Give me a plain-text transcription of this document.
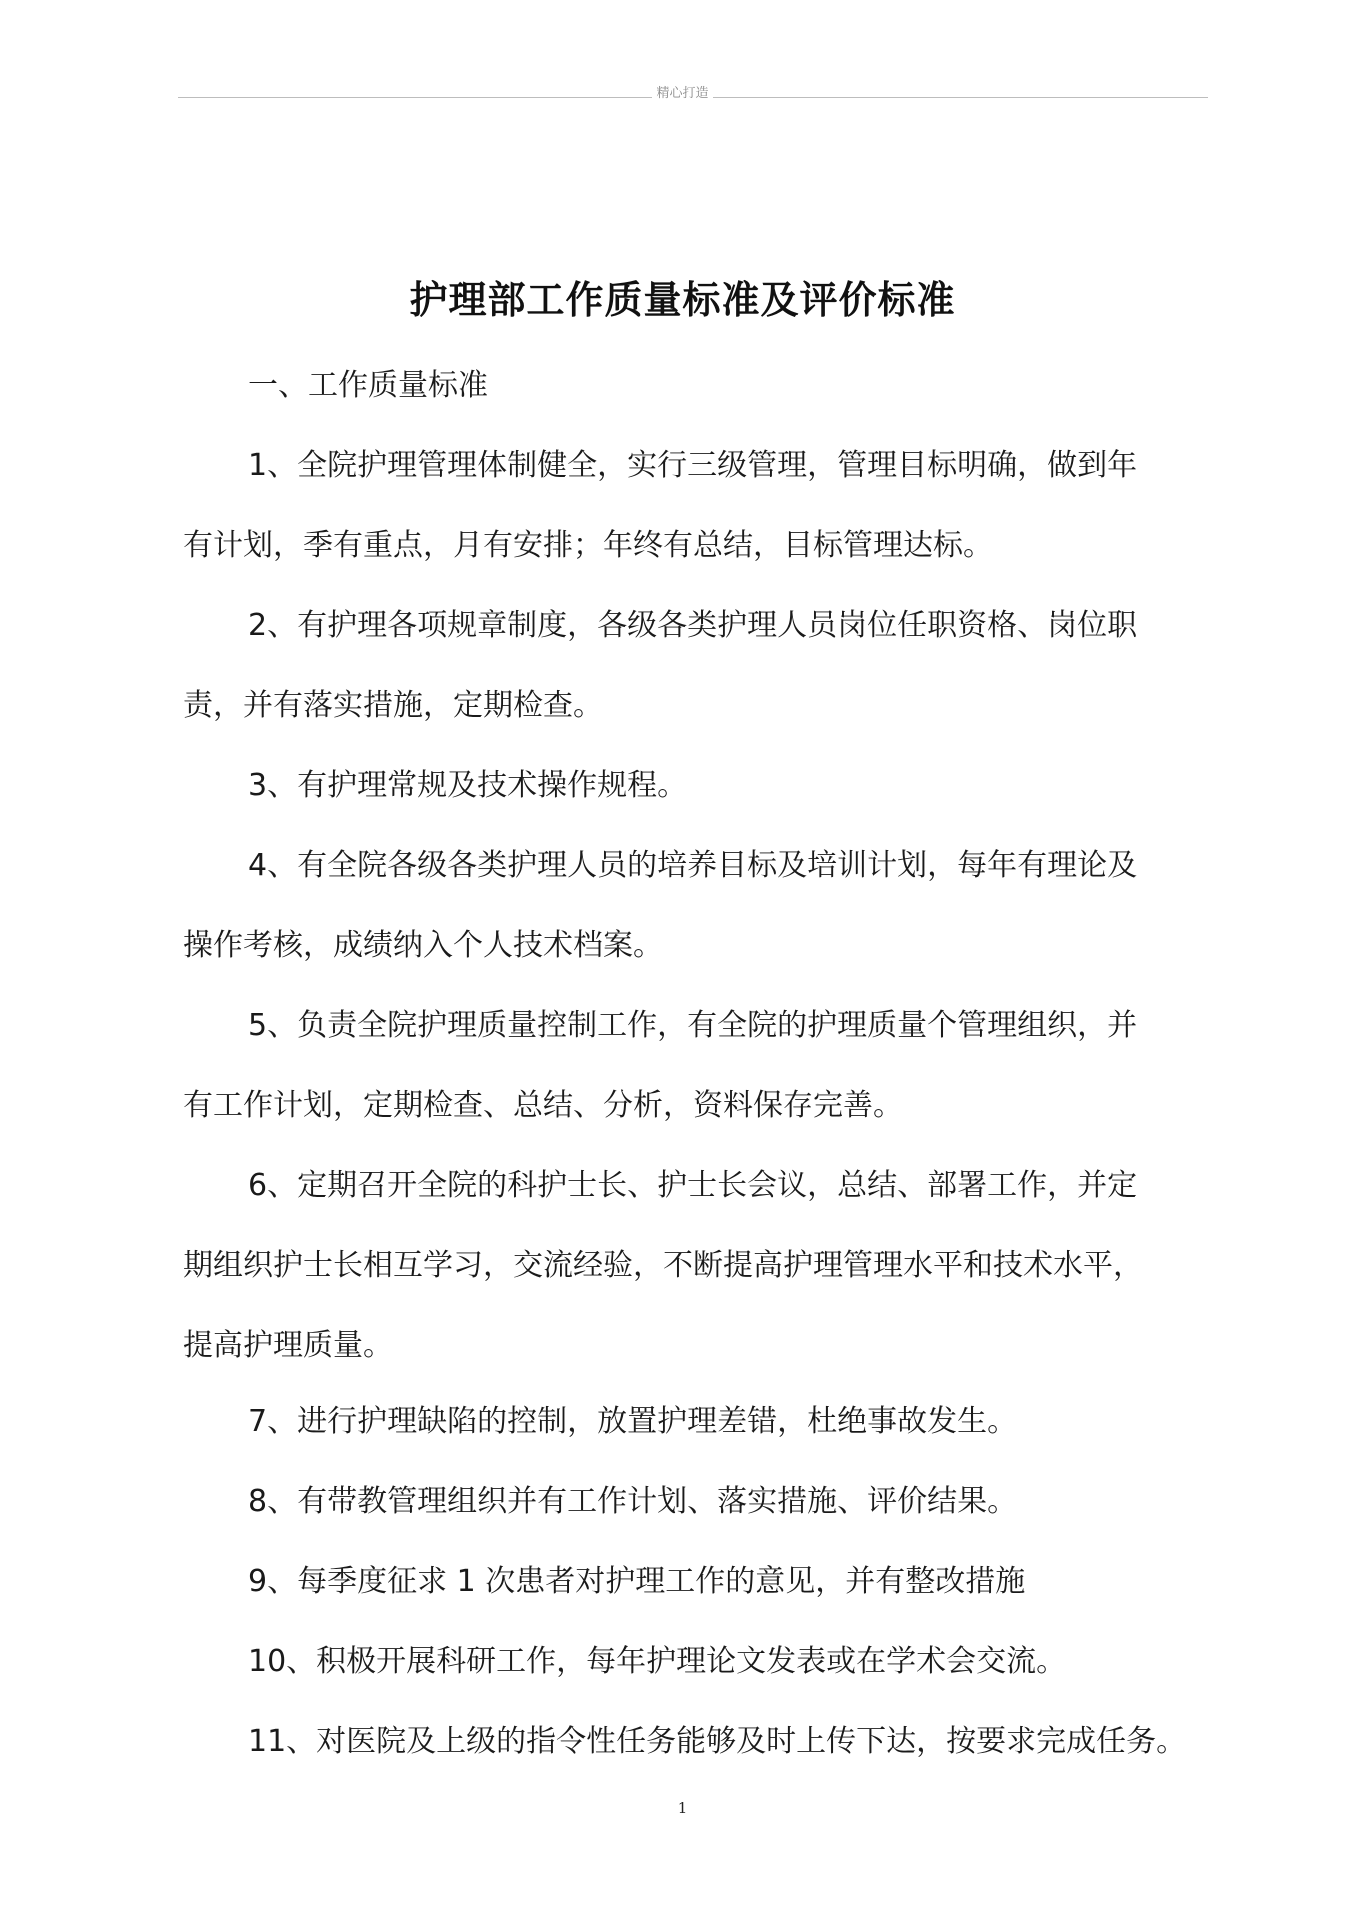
精心打造
护理部工作质量标准及评价标准
一、工作质量标准
1、全院护理管理体制健全，实行三级管理，管理目标明确，做到年
有计划，季有重点，月有安排；年终有总结，目标管理达标。
2、有护理各项规章制度，各级各类护理人员岗位任职资格、岗位职
责，并有落实措施，定期检查。
3、有护理常规及技术操作规程。
4、有全院各级各类护理人员的培养目标及培训计划，每年有理论及
操作考核，成绩纳入个人技术档案。
5、负责全院护理质量控制工作，有全院的护理质量个管理组织，并
有工作计划，定期检查、总结、分析，资料保存完善。
6、定期召开全院的科护士长、护士长会议，总结、部署工作，并定
期组织护士长相互学习，交流经验，不断提高护理管理水平和技术水平，
提高护理质量。
7、进行护理缺陷的控制，放置护理差错，杜绝事故发生。
8、有带教管理组织并有工作计划、落实措施、评价结果。
9、每季度征求 1 次患者对护理工作的意见，并有整改措施
10、积极开展科研工作，每年护理论文发表或在学术会交流。
11、对医院及上级的指令性任务能够及时上传下达，按要求完成任务。
1
